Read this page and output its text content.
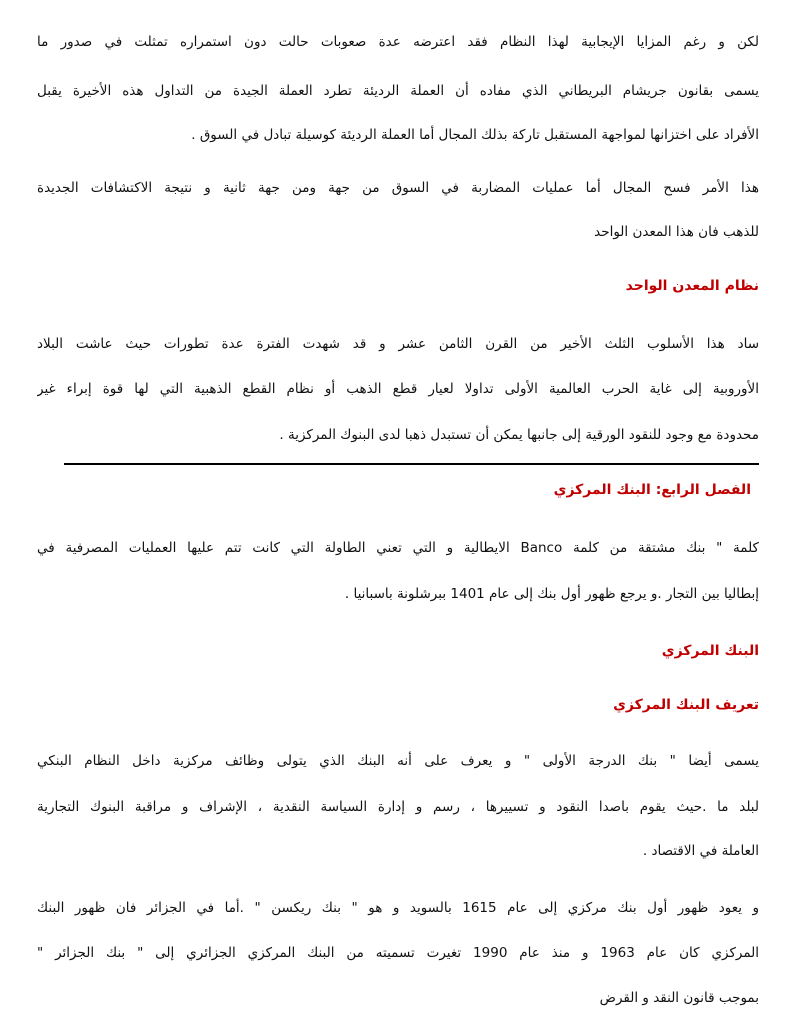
لكن و رغم المزايا الإيجابية لهذا النظام فقد اعترضه عدة صعوبات حالت دون استمراره تمثلت في صدور ما
يسمى بقانون جريشام البريطاني الذي مفاده أن العملة الرديئة تطرد العملة الجيدة من التداول هذه الأخيرة يقبل
الأفراد على اختزانها لمواجهة المستقبل تاركة بذلك المجال أما العملة الرديئة كوسيلة تبادل في السوق .
هذا الأمر فسح المجال أما عمليات المضاربة في السوق من جهة ومن جهة ثانية و نتيجة الاكتشافات الجديدة
للذهب فان هذا المعدن الواحد
نظام المعدن الواحد
ساد هذا الأسلوب الثلث الأخير من القرن الثامن عشر و قد شهدت الفترة عدة تطورات حيث عاشت البلاد
الأوروبية إلى غاية الحرب العالمية الأولى تداولا لعيار قطع الذهب أو نظام القطع الذهبية التي لها قوة إبراء غير
محدودة مع وجود للنقود الورقية إلى جانبها يمكن أن تستبدل ذهبا لدى البنوك المركزية .
الفصل الرابع: البنك المركزي
كلمة " بنك مشتقة من كلمة Banco الايطالية و التي تعني الطاولة التي كانت تتم عليها العمليات المصرفية في
إبطاليا بين التجار .و يرجع ظهور أول بنك إلى عام 1401 ببرشلونة باسبانيا .
البنك المركزي
تعريف البنك المركزي
يسمى أيضا " بنك الدرجة الأولى " و يعرف على أنه البنك الذي يتولى وظائف مركزية داخل النظام البنكي
لبلد ما .حيث يقوم باصدا النقود و تسييرها ، رسم و إدارة السياسة النقدية ، الإشراف و مراقبة البنوك التجارية
العاملة في الاقتصاد .
و يعود ظهور أول بنك مركزي إلى عام 1615 بالسويد و هو " بنك ريكسن " .أما في الجزائر فان ظهور البنك
المركزي كان عام 1963 و منذ عام 1990 تغيرت تسميته من البنك المركزي الجزائري إلى " بنك الجزائر "
بموجب قانون النقد و القرض
